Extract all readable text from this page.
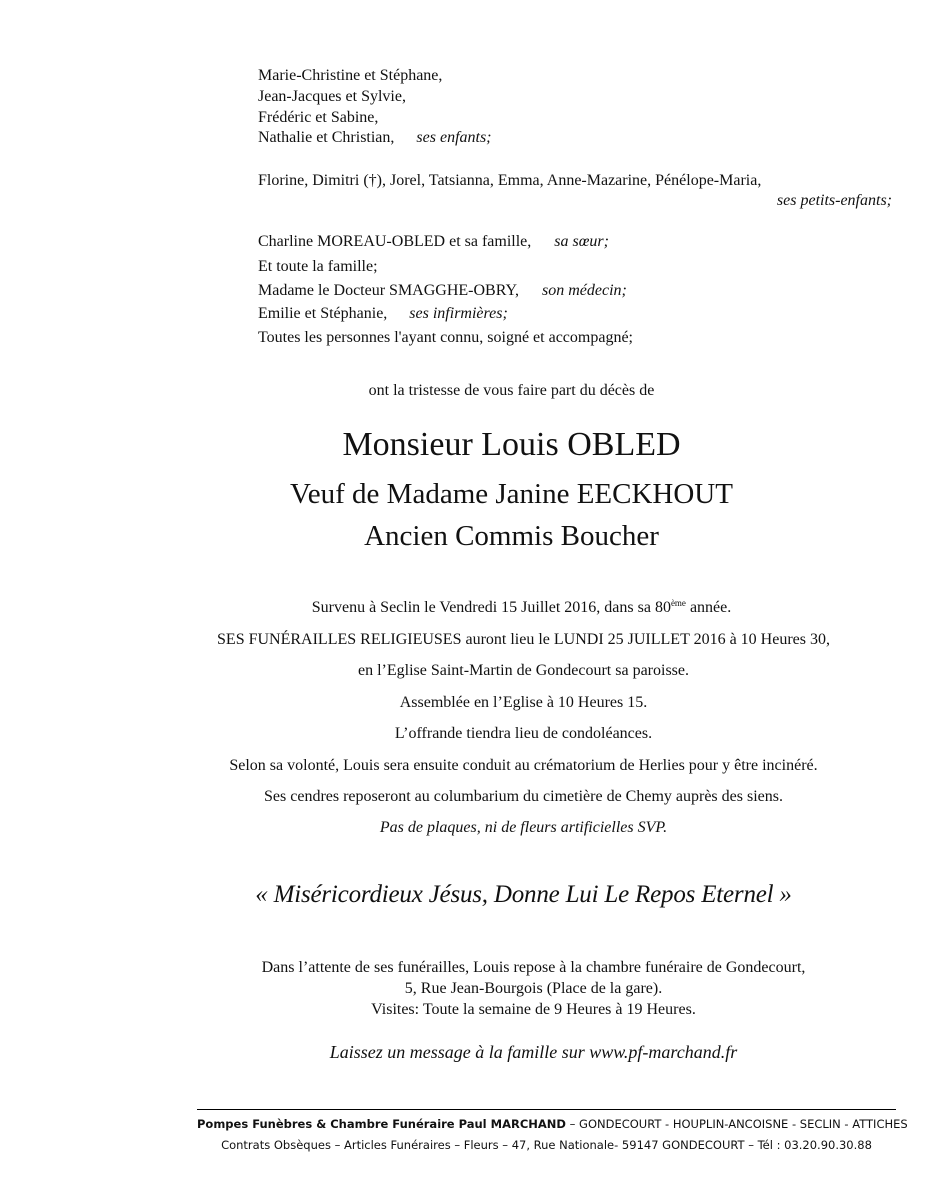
Marie-Christine et Stéphane,
Jean-Jacques et Sylvie,
Frédéric et Sabine,
Nathalie et Christian, ses enfants;
Florine, Dimitri (†), Jorel, Tatsianna, Emma, Anne-Mazarine, Pénélope-Maria,
ses petits-enfants;
Charline MOREAU-OBLED et sa famille, sa sœur;
Et toute la famille;
Madame le Docteur SMAGGHE-OBRY, son médecin;
Emilie et Stéphanie, ses infirmières;
Toutes les personnes l'ayant connu, soigné et accompagné;
ont la tristesse de vous faire part du décès de
Monsieur Louis OBLED
Veuf de Madame Janine EECKHOUT
Ancien Commis Boucher
Survenu à Seclin le Vendredi 15 Juillet 2016, dans sa 80ème année.
SES FUNÉRAILLES RELIGIEUSES auront lieu le LUNDI 25 JUILLET 2016 à 10 Heures 30,
en l’Eglise Saint-Martin de Gondecourt sa paroisse.
Assemblée en l’Eglise à 10 Heures 15.
L’offrande tiendra lieu de condoléances.
Selon sa volonté, Louis sera ensuite conduit au crématorium de Herlies pour y être incinéré.
Ses cendres reposeront au columbarium du cimetière de Chemy auprès des siens.
Pas de plaques, ni de fleurs artificielles SVP.
« Miséricordieux Jésus, Donne Lui Le Repos Eternel »
Dans l’attente de ses funérailles, Louis repose à la chambre funéraire de Gondecourt,
5, Rue Jean-Bourgois (Place de la gare).
Visites: Toute la semaine de 9 Heures à 19 Heures.
Laissez un message à la famille sur www.pf-marchand.fr
Pompes Funèbres & Chambre Funéraire Paul MARCHAND – GONDECOURT - HOUPLIN-ANCOISNE - SECLIN - ATTICHES
Contrats Obsèques – Articles Funéraires – Fleurs – 47, Rue Nationale- 59147 GONDECOURT – Tél : 03.20.90.30.88
